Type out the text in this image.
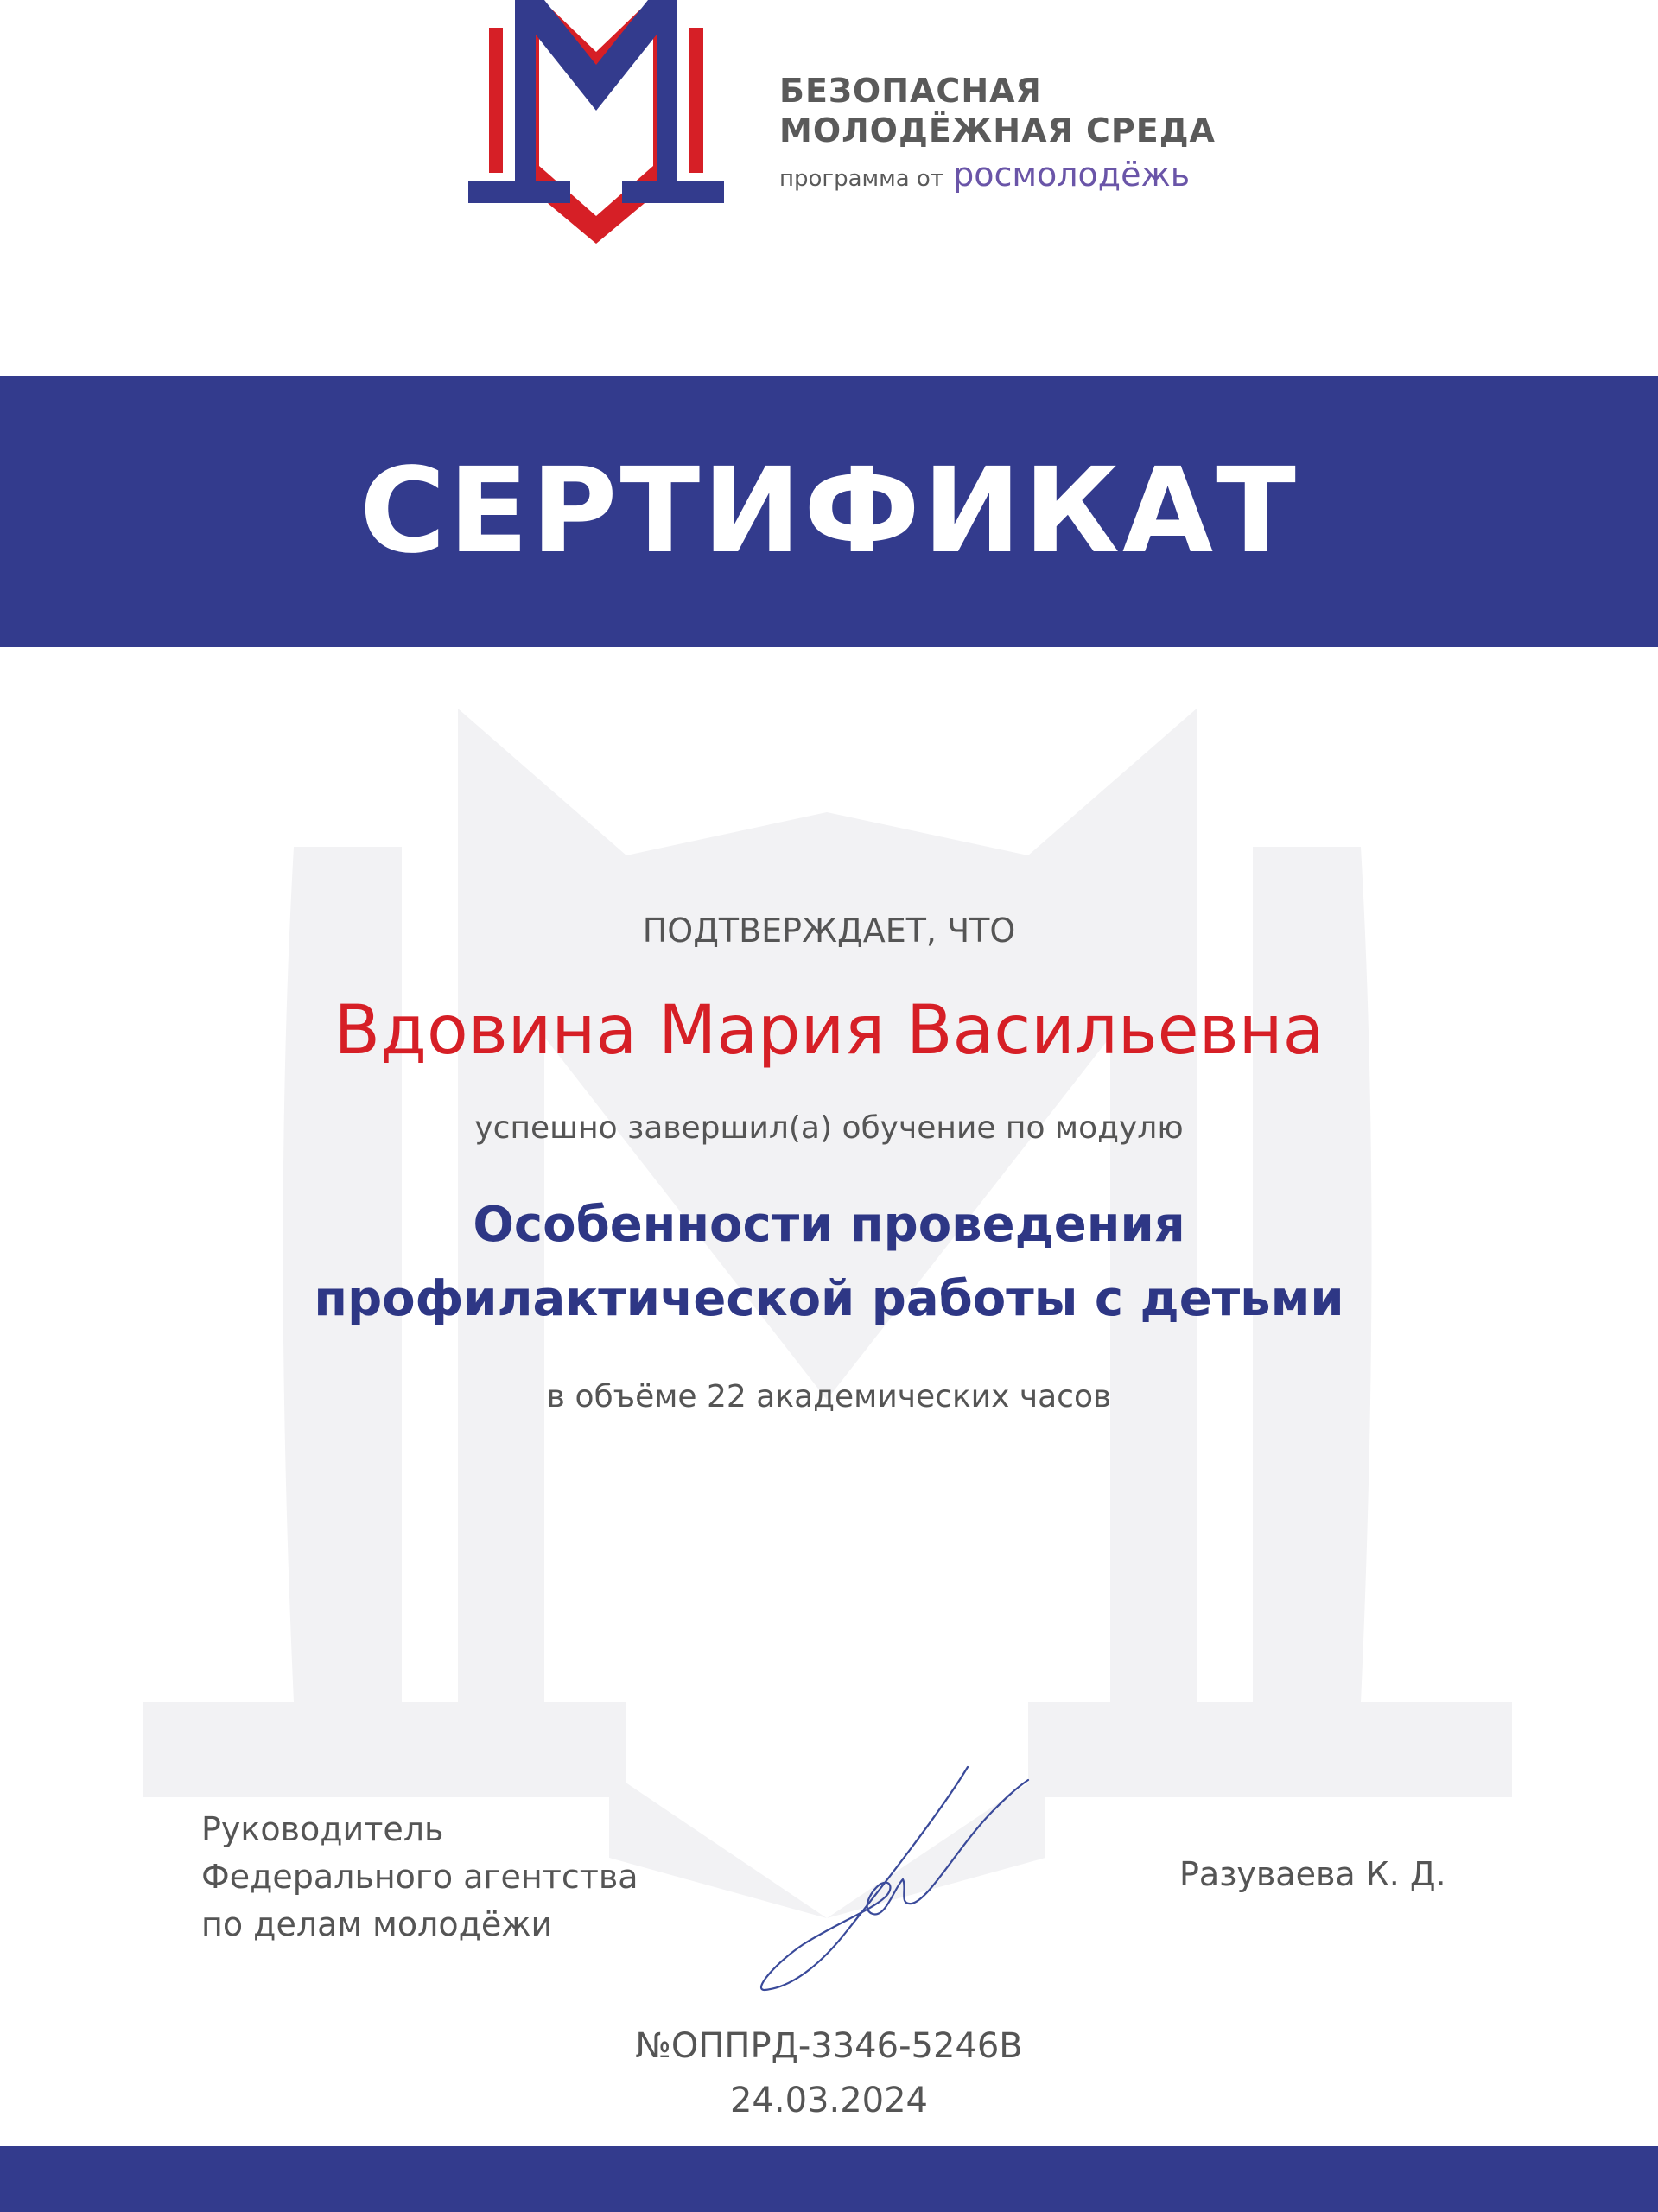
БЕЗОПАСНАЯ
МОЛОДЁЖНАЯ СРЕДА
программа от росмолодёжь
СЕРТИФИКАТ
ПОДТВЕРЖДАЕТ, ЧТО
Вдовина Мария Васильевна
успешно завершил(а) обучение по модулю
Особенности проведения
профилактической работы с детьми
в объёме 22 академических часов
Руководитель
Федерального агентства
по делам молодёжи
Разуваева К. Д.
№ОППРД-3346-5246В
24.03.2024
